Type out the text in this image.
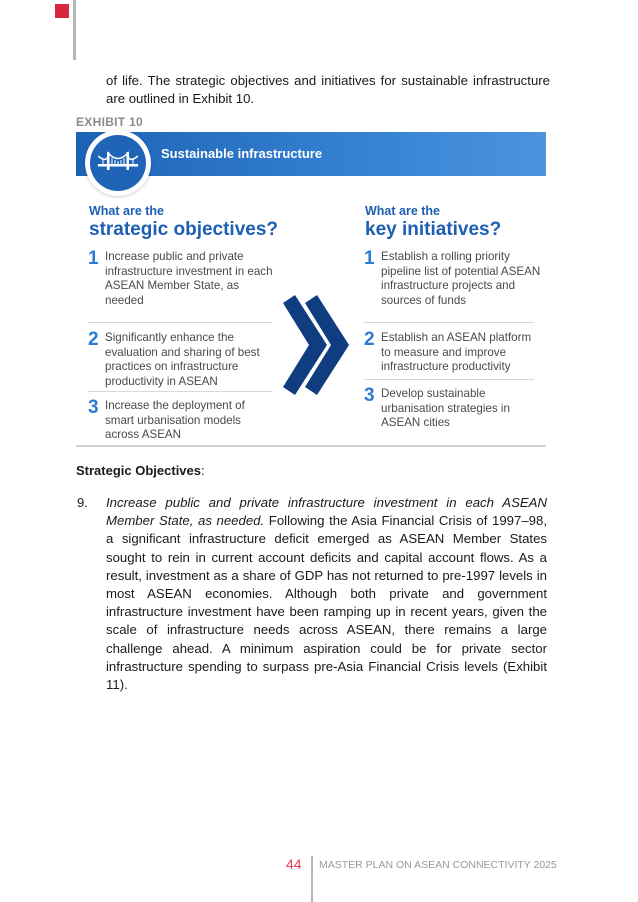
of life. The strategic objectives and initiatives for sustainable infrastructure are outlined in Exhibit 10.

EXHIBIT 10
Sustainable infrastructure
What are the
strategic objectives?
1 Increase public and private infrastructure investment in each ASEAN Member State, as needed
2 Significantly enhance the evaluation and sharing of best practices on infrastructure productivity in ASEAN
3 Increase the deployment of smart urbanisation models across ASEAN
What are the
key initiatives?
1 Establish a rolling priority pipeline list of potential ASEAN infrastructure projects and sources of funds
2 Establish an ASEAN platform to measure and improve infrastructure productivity
3 Develop sustainable urbanisation strategies in ASEAN cities
Strategic Objectives:
9. Increase public and private infrastructure investment in each ASEAN Member State, as needed. Following the Asia Financial Crisis of 1997–98, a significant infrastructure deficit emerged as ASEAN Member States sought to rein in current account deficits and capital account flows. As a result, investment as a share of GDP has not returned to pre-1997 levels in most ASEAN economies. Although both private and government infrastructure investment have been ramping up in recent years, given the scale of infrastructure needs across ASEAN, there remains a large challenge ahead. A minimum aspiration could be for private sector infrastructure spending to surpass pre-Asia Financial Crisis levels (Exhibit 11).

44 MASTER PLAN ON ASEAN CONNECTIVITY 2025
